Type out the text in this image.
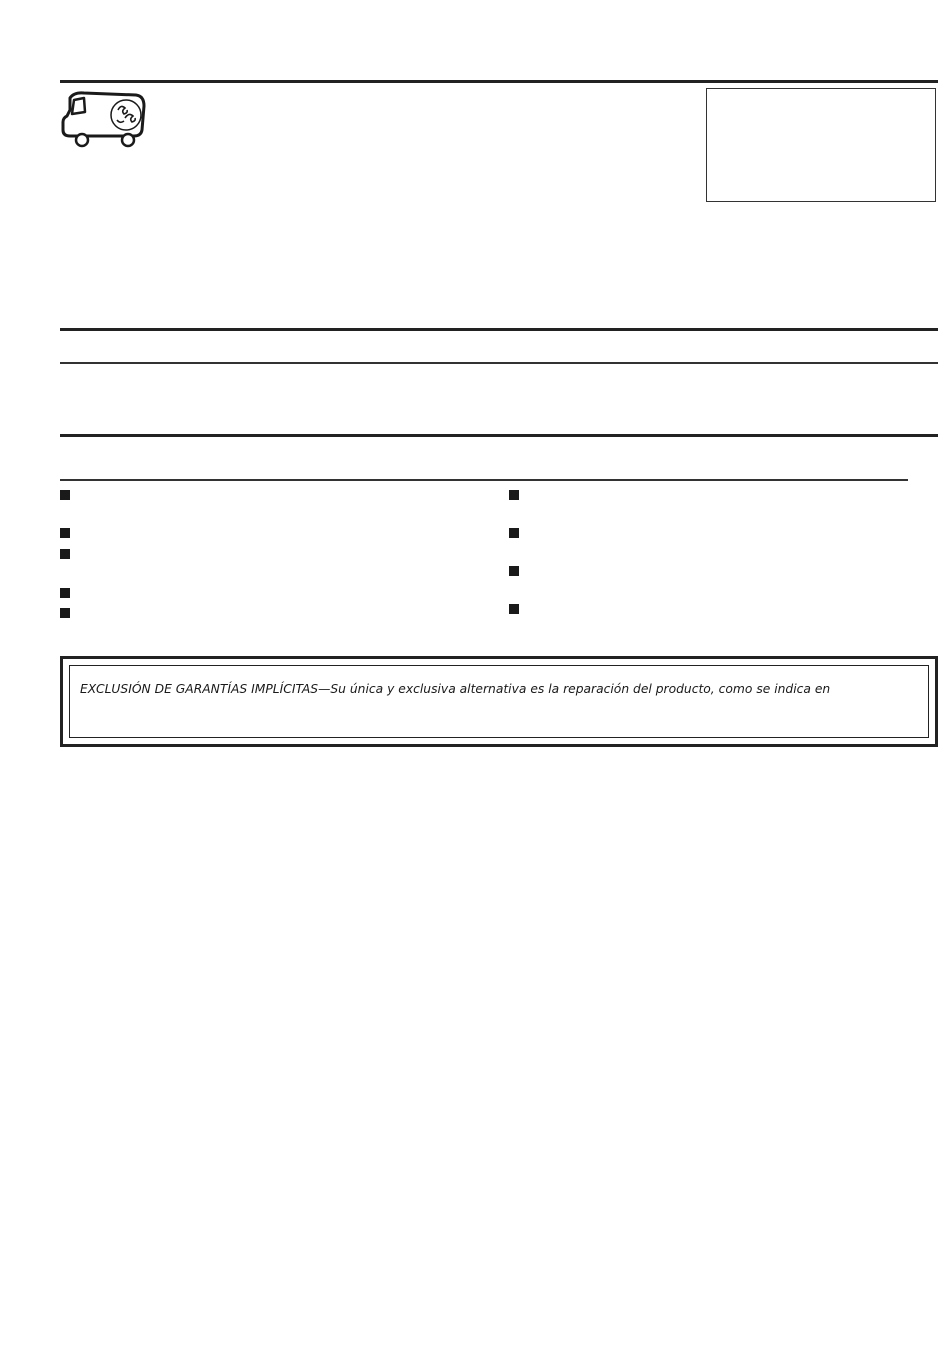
EXCLUSIÓN DE GARANTÍAS IMPLÍCITAS—Su única y exclusiva alternativa es la reparación del producto, como se indica en
